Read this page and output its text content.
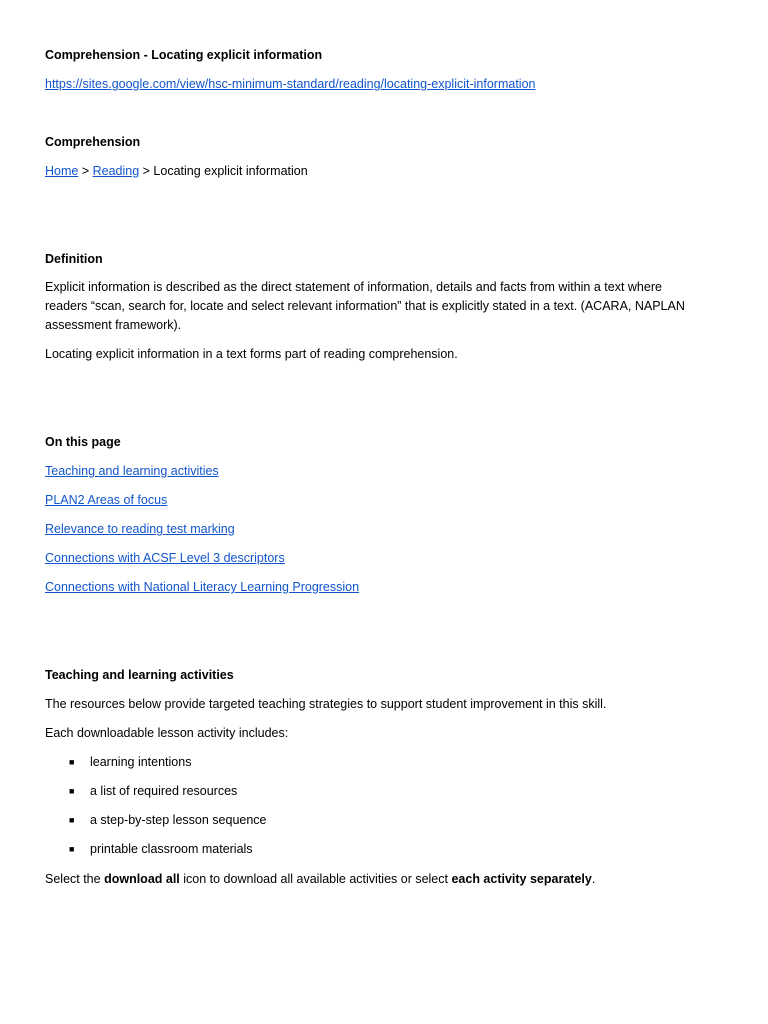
Comprehension - Locating explicit information
https://sites.google.com/view/hsc-minimum-standard/reading/locating-explicit-information
Comprehension
Home > Reading > Locating explicit information
Definition
Explicit information is described as the direct statement of information, details and facts from within a text where readers “scan, search for, locate and select relevant information” that is explicitly stated in a text. (ACARA, NAPLAN assessment framework).
Locating explicit information in a text forms part of reading comprehension.
On this page
Teaching and learning activities
PLAN2 Areas of focus
Relevance to reading test marking
Connections with ACSF Level 3 descriptors
Connections with National Literacy Learning Progression
Teaching and learning activities
The resources below provide targeted teaching strategies to support student improvement in this skill.
Each downloadable lesson activity includes:
■ learning intentions
■ a list of required resources
■ a step-by-step lesson sequence
■ printable classroom materials
Select the download all icon to download all available activities or select each activity separately.
